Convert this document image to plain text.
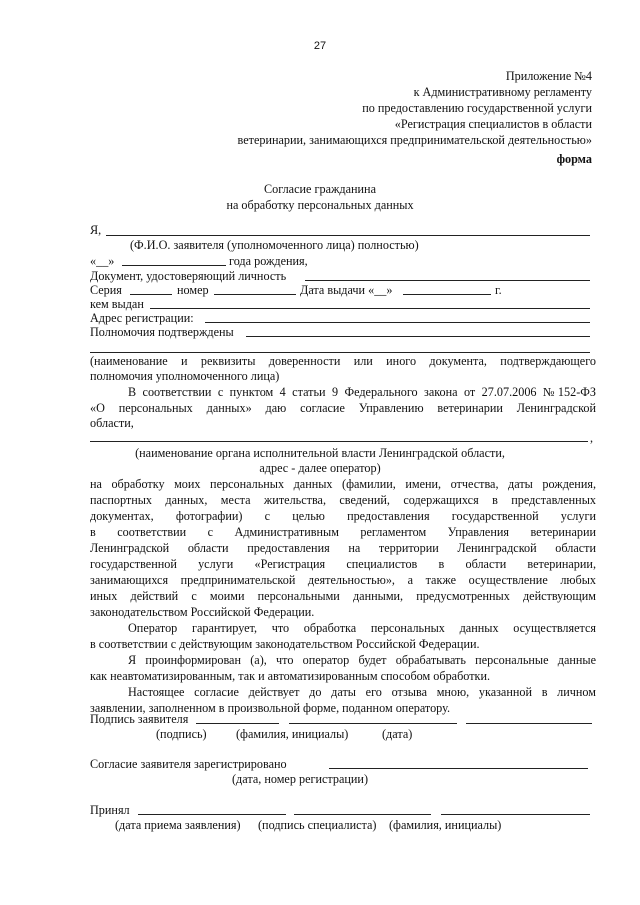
27
Приложение №4
к Административному регламенту
по предоставлению государственной услуги
«Регистрация специалистов в области
ветеринарии, занимающихся предпринимательской деятельностью»
форма
Согласие гражданина
на обработку персональных данных
Я,
(Ф.И.О. заявителя (уполномоченного лица) полностью)
«__»	года рождения,
Документ, удостоверяющий личность
Серия	номер	Дата выдачи «__»	г.
кем выдан
Адрес регистрации:
Полномочия подтверждены
(наименование и реквизиты доверенности или иного документа, подтверждающего
полномочия уполномоченного лица)
В соответствии с пунктом 4 статьи 9 Федерального закона от 27.07.2006 №152-ФЗ
«О персональных данных» даю согласие Управлению ветеринарии Ленинградской
области,
,
(наименование органа исполнительной власти Ленинградской области,
адрес - далее оператор)
на обработку моих персональных данных (фамилии, имени, отчества, даты рождения,
паспортных данных, места жительства, сведений, содержащихся в представленных
документах, фотографии) с целью предоставления государственной услуги
в соответствии с Административным регламентом Управления ветеринарии
Ленинградской области предоставления на территории Ленинградской области
государственной услуги «Регистрация специалистов в области ветеринарии,
занимающихся предпринимательской деятельностью», а также осуществление любых
иных действий с моими персональными данными, предусмотренных действующим
законодательством Российской Федерации.
Оператор гарантирует, что обработка персональных данных осуществляется
в соответствии с действующим законодательством Российской Федерации.
Я проинформирован (а), что оператор будет обрабатывать персональные данные
как неавтоматизированным, так и автоматизированным способом обработки.
Настоящее согласие действует до даты его отзыва мною, указанной в личном
заявлении, заполненном в произвольной форме, поданном оператору.
Подпись заявителя
(подпись) (фамилия, инициалы)	(дата)
Согласие заявителя зарегистрировано
(дата, номер регистрации)
Принял
(дата приема заявления) (подпись специалиста) (фамилия, инициалы)
